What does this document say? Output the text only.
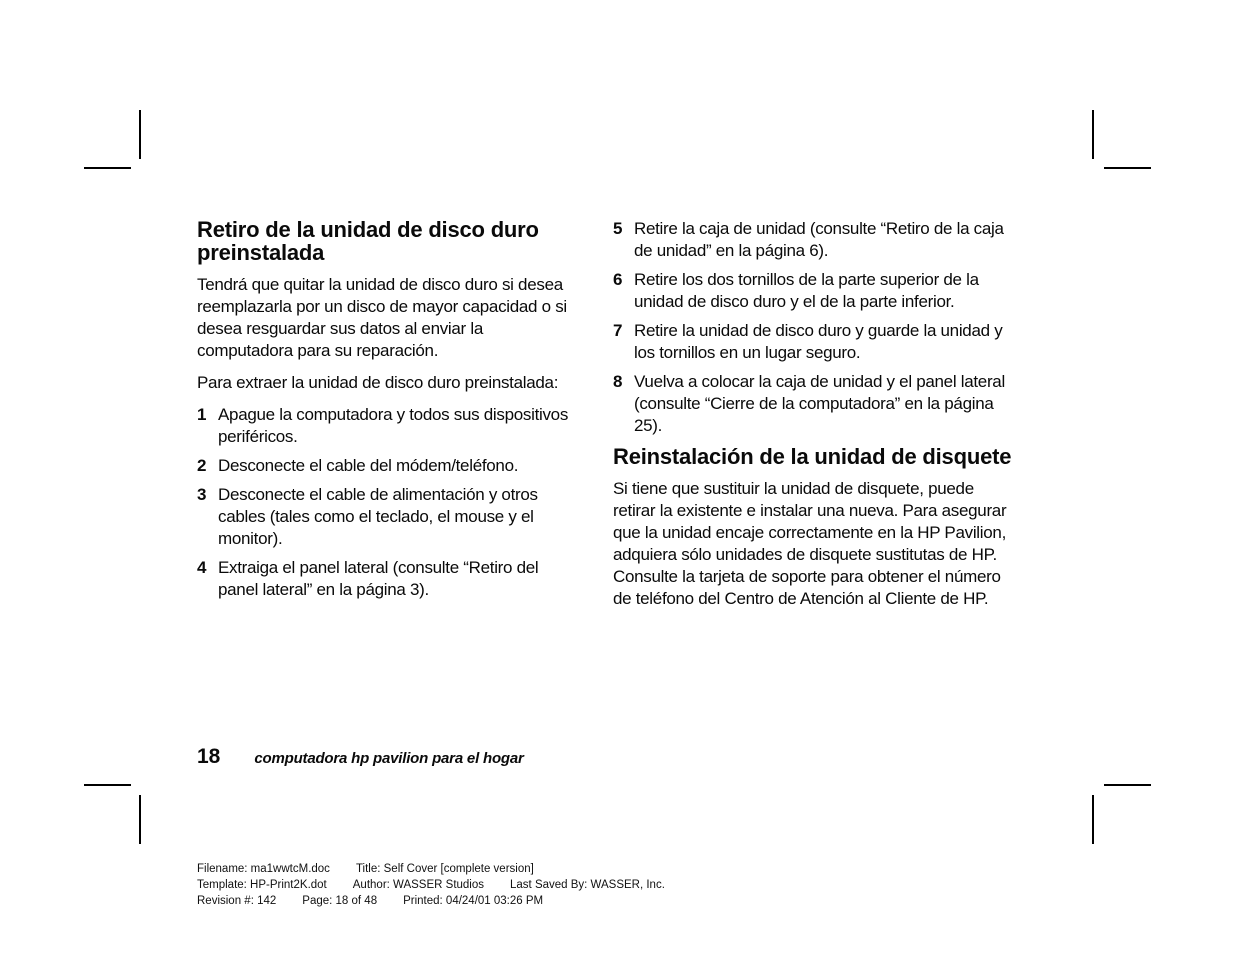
Retiro de la unidad de disco duro preinstalada

Tendrá que quitar la unidad de disco duro si desea reemplazarla por un disco de mayor capacidad o si desea resguardar sus datos al enviar la computadora para su reparación.

Para extraer la unidad de disco duro preinstalada:

1 Apague la computadora y todos sus dispositivos periféricos.
2 Desconecte el cable del módem/teléfono.
3 Desconecte el cable de alimentación y otros cables (tales como el teclado, el mouse y el monitor).
4 Extraiga el panel lateral (consulte “Retiro del panel lateral” en la página 3).
5 Retire la caja de unidad (consulte “Retiro de la caja de unidad” en la página 6).
6 Retire los dos tornillos de la parte superior de la unidad de disco duro y el de la parte inferior.
7 Retire la unidad de disco duro y guarde la unidad y los tornillos en un lugar seguro.
8 Vuelva a colocar la caja de unidad y el panel lateral (consulte “Cierre de la computadora” en la página 25).
Reinstalación de la unidad de disquete

Si tiene que sustituir la unidad de disquete, puede retirar la existente e instalar una nueva. Para asegurar que la unidad encaje correctamente en la HP Pavilion, adquiera sólo unidades de disquete sustitutas de HP. Consulte la tarjeta de soporte para obtener el número de teléfono del Centro de Atención al Cliente de HP.

18 computadora hp pavilion para el hogar
Filename: ma1wwtcM.doc Title: Self Cover [complete version]
Template: HP-Print2K.dot Author: WASSER Studios Last Saved By: WASSER, Inc.
Revision #: 142 Page: 18 of 48 Printed: 04/24/01 03:26 PM
